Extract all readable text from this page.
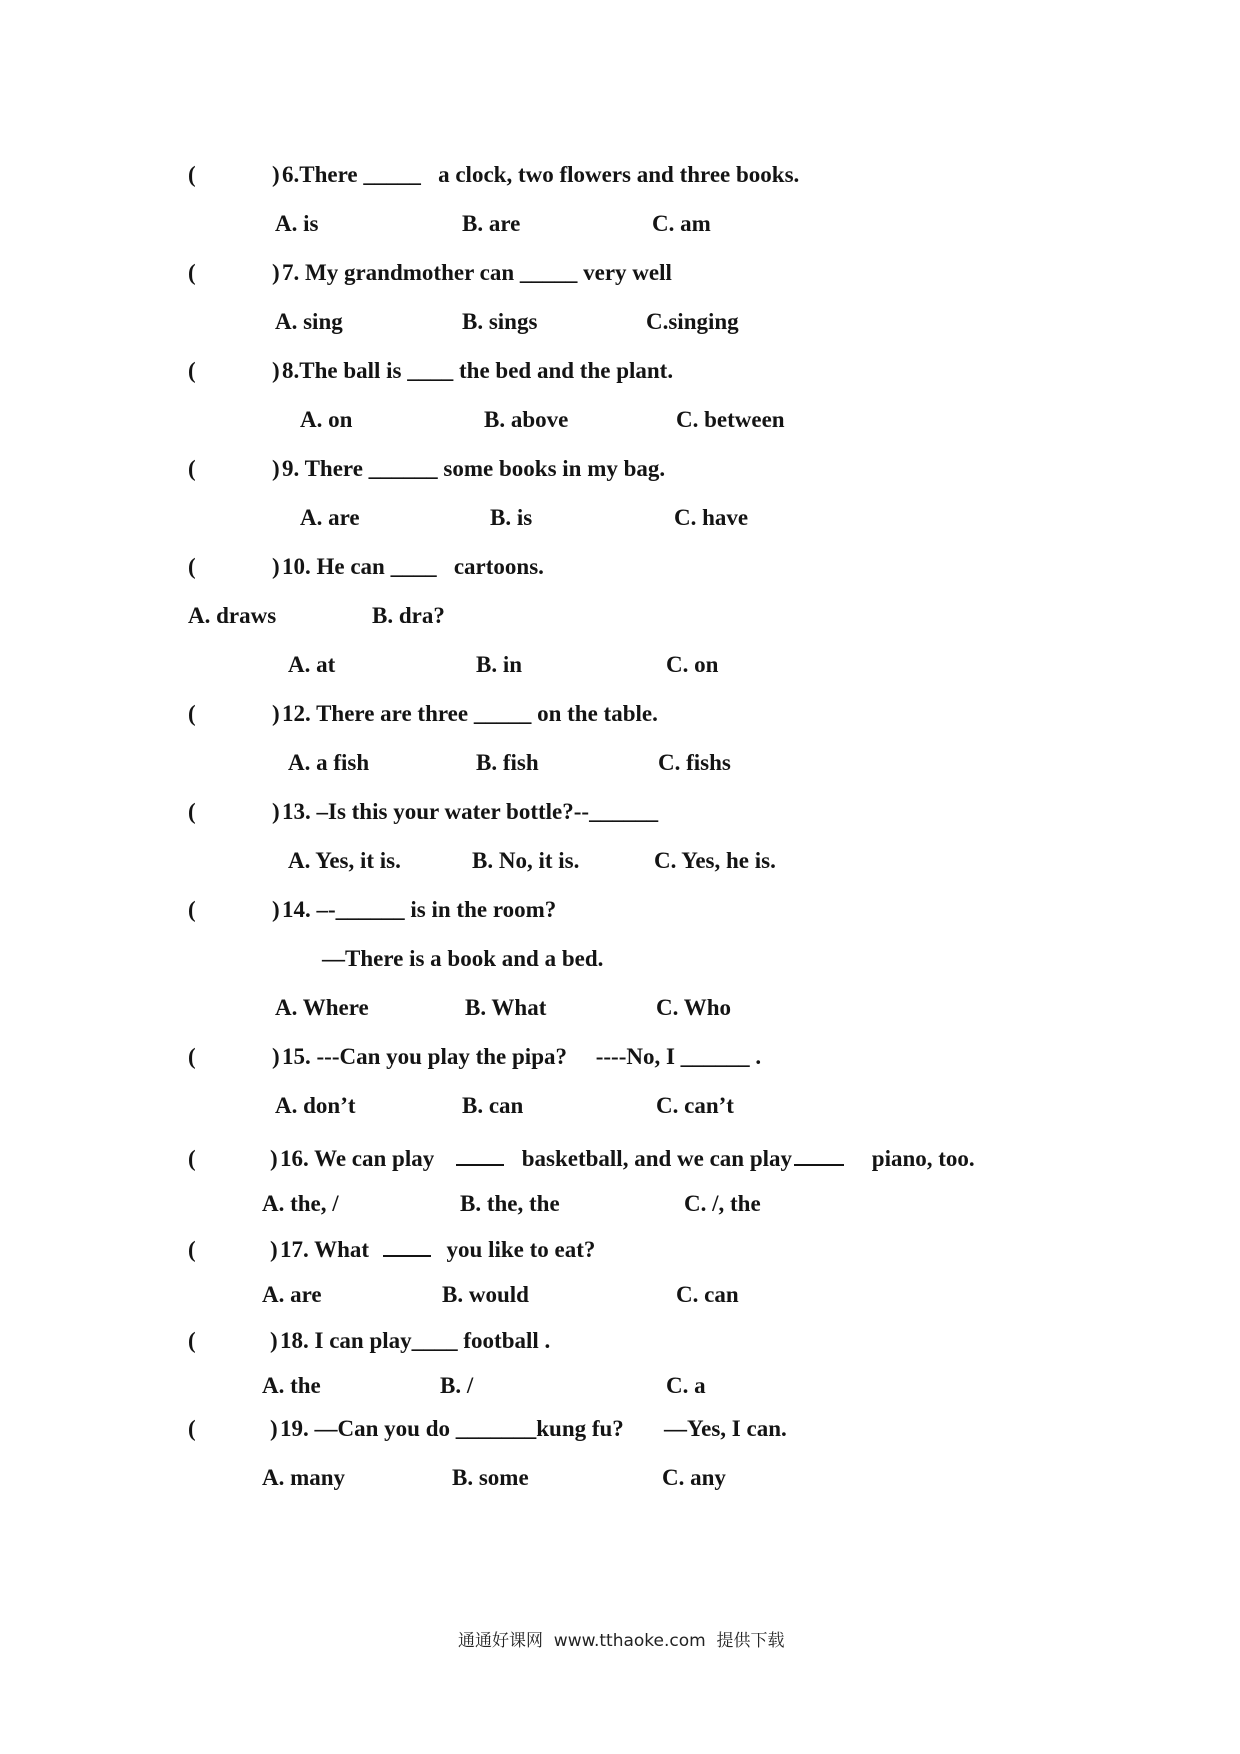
(	) 6.There _____   a clock, two flowers and three books.
A. is	B. are	C. am
(	) 7. My grandmother can _____ very well
A. sing	B. sings	C.singing
(	) 8.The ball is ____ the bed and the plant.
A. on	B. above	C. between
(	) 9. There ______ some books in my bag.
A. are	B. is	C. have
(	) 10. He can ____   cartoons.
A. draws	B. dra?
A. at	B. in	C. on
(	) 12. There are three _____ on the table.
A. a fish	B. fish	C. fishs
(	) 13. –Is this your water bottle?--______
A. Yes, it is.	B. No, it is.	C. Yes, he is.
(	) 14. –-______ is in the room?
—There is a book and a bed.
A. Where	B. What	C. Who
(	) 15. ---Can you play the pipa?     ----No, I ______ .
A. don’t	B. can	C. can’t
(	) 16. We can play	basketball, and we can play	piano, too.
A. the, /	B. the, the	C. /, the
(	) 17. What	you like to eat?
A. are	B. would	C. can
(	) 18. I can play____ football .
A. the	B. /	C. a
(	) 19. —Can you do _______kung fu?       —Yes, I can.
A. many	B. some	C. any
通通好课网  www.tthaoke.com  提供下载
